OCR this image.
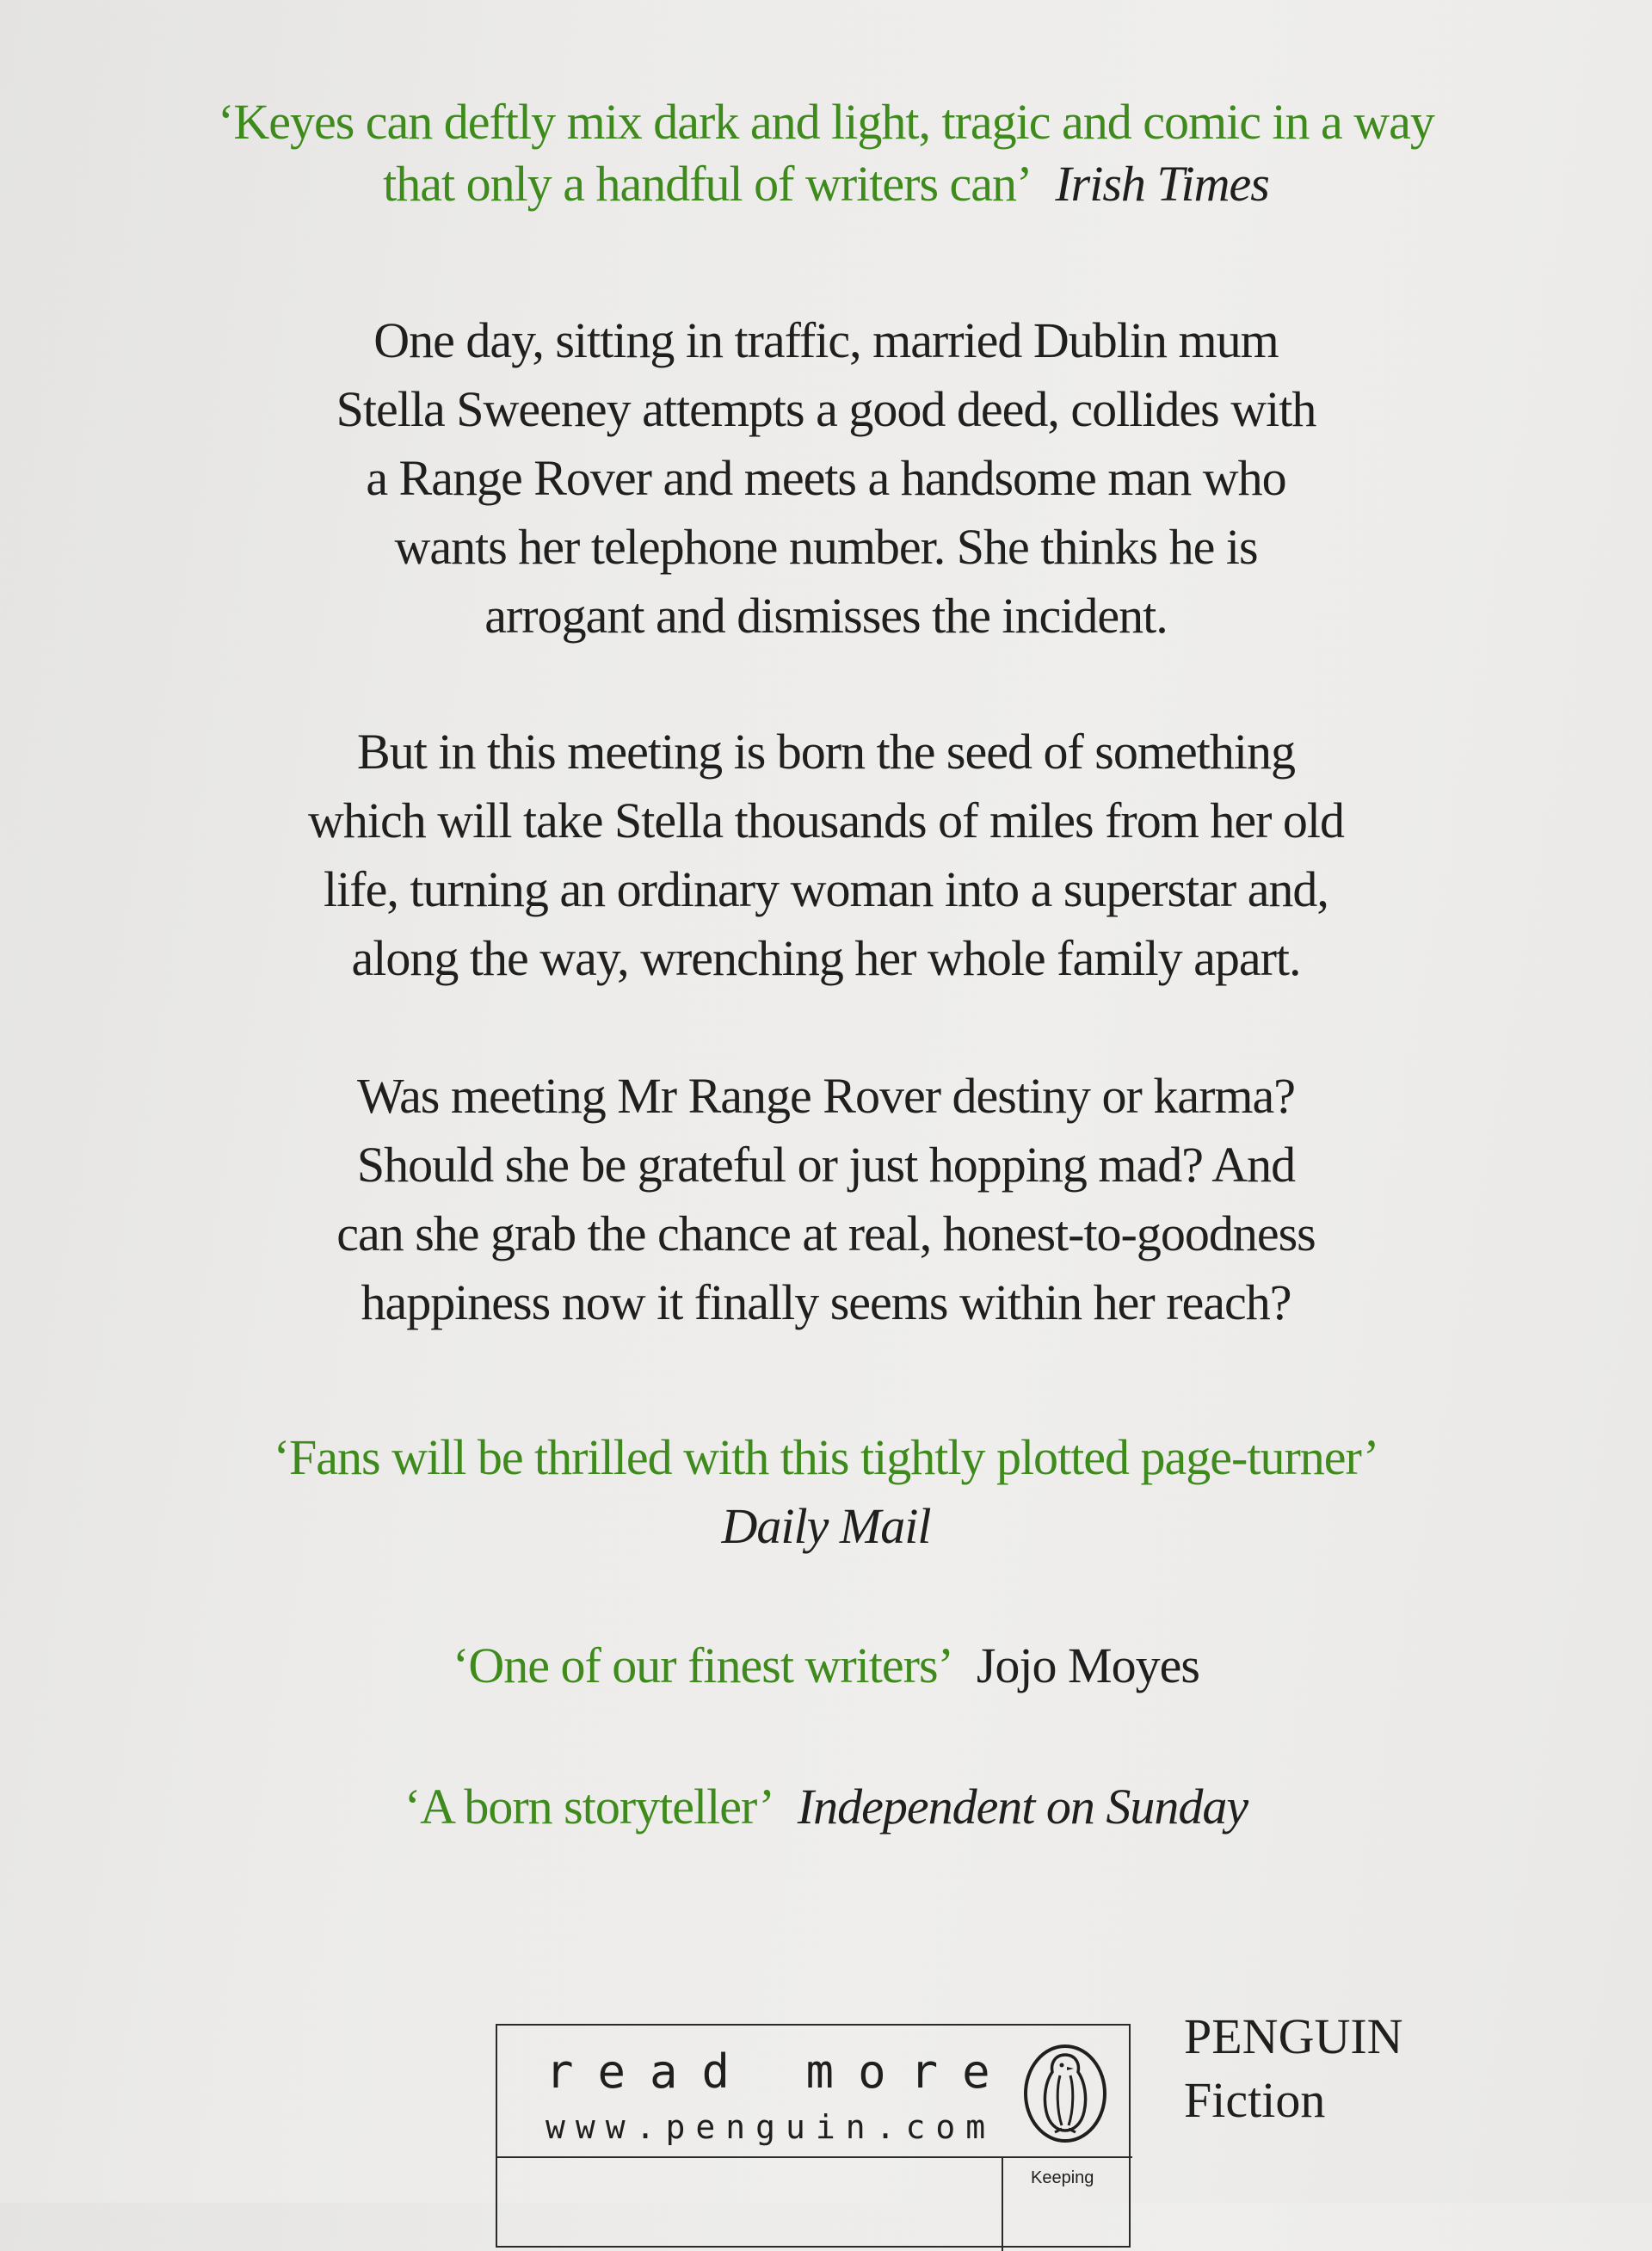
‘Keyes can deftly mix dark and light, tragic and comic in a way
that only a handful of writers can’ Irish Times
One day, sitting in traffic, married Dublin mum
Stella Sweeney attempts a good deed, collides with
a Range Rover and meets a handsome man who
wants her telephone number. She thinks he is
arrogant and dismisses the incident.
But in this meeting is born the seed of something
which will take Stella thousands of miles from her old
life, turning an ordinary woman into a superstar and,
along the way, wrenching her whole family apart.
Was meeting Mr Range Rover destiny or karma?
Should she be grateful or just hopping mad? And
can she grab the chance at real, honest-to-goodness
happiness now it finally seems within her reach?
‘Fans will be thrilled with this tightly plotted page-turner’
Daily Mail
‘One of our finest writers’ Jojo Moyes
‘A born storyteller’ Independent on Sunday
read more
www.penguin.com
Keeping
PENGUIN
Fiction
